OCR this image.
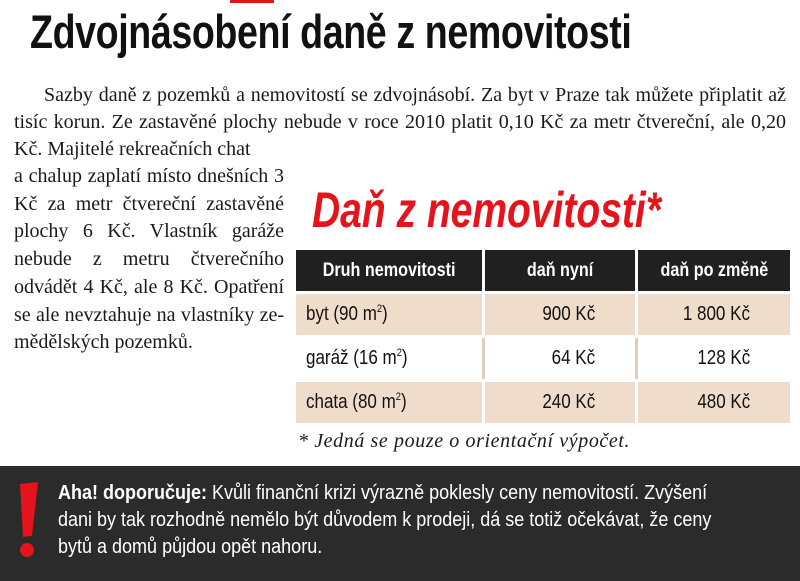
Zdvojnásobení daně z nemovitosti
Sazby daně z pozemků a nemovitostí se zdvojnásobí. Za byt v Praze tak můžete připlatit až tisíc korun. Ze zastavěné plochy nebude v roce 2010 platit 0,10 Kč za metr čtvereční, ale 0,20 Kč. Majitelé rekreačních chat
a chalup zaplatí místo dnešních 3 Kč za metr čtvereční zastavěné plochy 6 Kč. Vlastník garáže nebude z metru čtverečního odvádět 4 Kč, ale 8 Kč. Opatření se ale nevztahuje na vlastníky zemědělských pozemků.
Daň z nemovitosti*
Druh nemovitosti	daň nyní	daň po změně
byt (90 $m^2$)	900 Kč	1 800 Kč
garáž (16 $m^2$)	64 Kč	128 Kč
chata (80 $m^2$)	240 Kč	480 Kč
* Jedná se pouze o orientační výpočet.
Aha! doporučuje: Kvůli finanční krizi výrazně poklesly ceny nemovitostí. Zvýšení dani by tak rozhodně nemělo být důvodem k prodeji, dá se totiž očekávat, že ceny bytů a domů půjdou opět nahoru.
